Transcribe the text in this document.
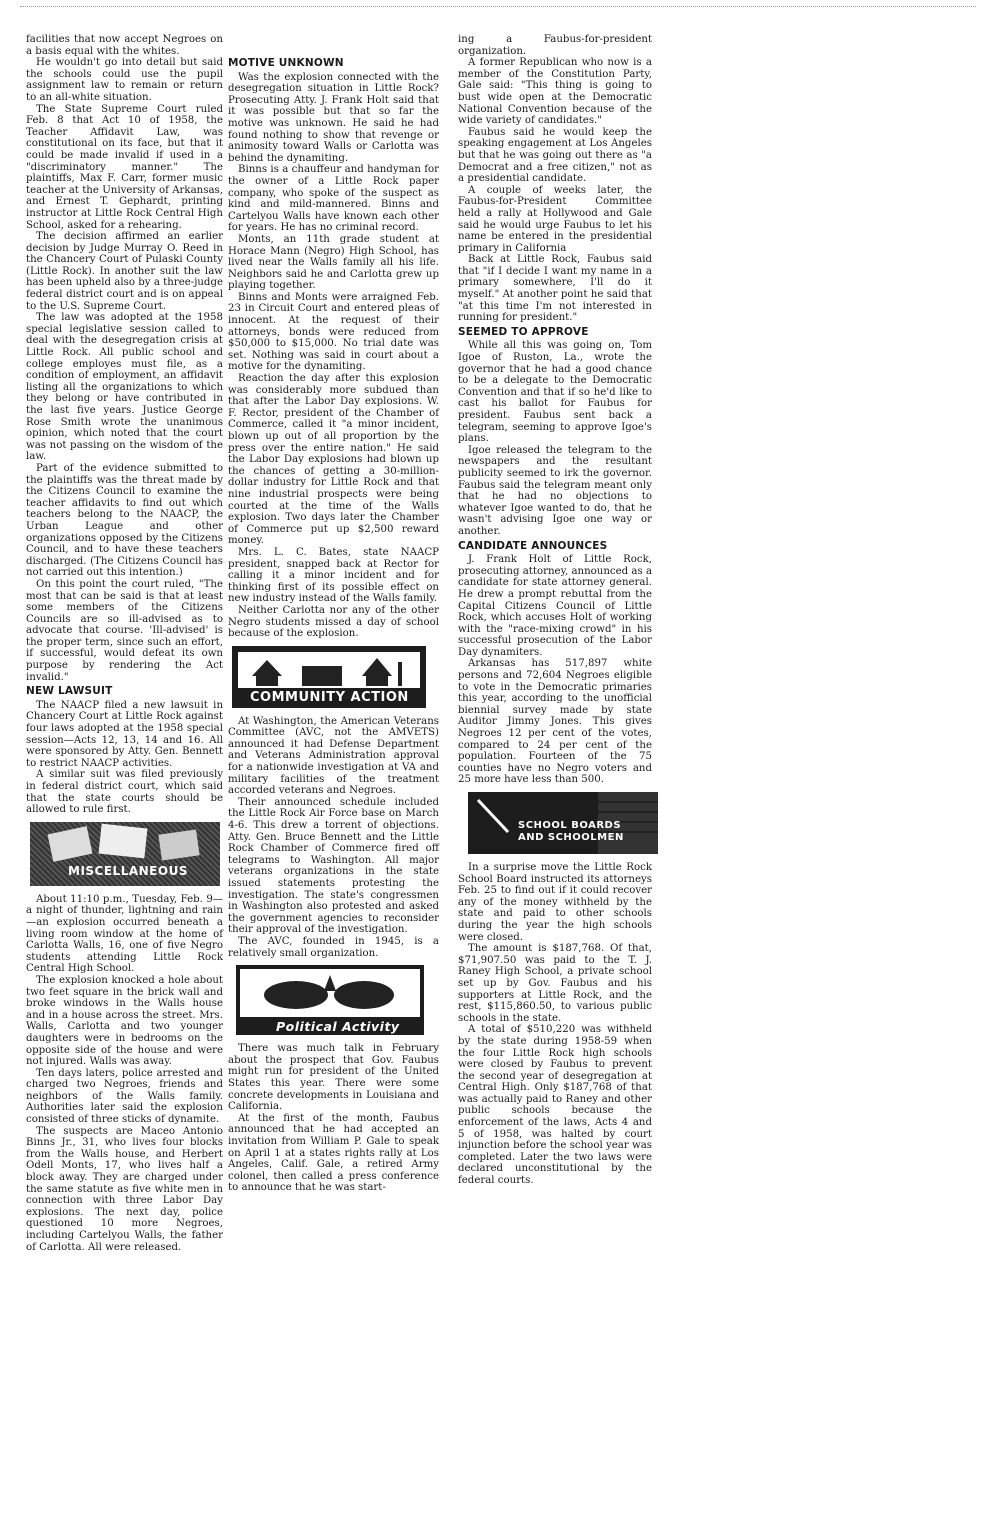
facilities that now accept Negroes on a basis equal with the whites.

He wouldn't go into detail but said the schools could use the pupil assignment law to remain or return to an all-white situation.

The State Supreme Court ruled Feb. 8 that Act 10 of 1958, the Teacher Affidavit Law, was constitutional on its face, but that it could be made invalid if used in a "discriminatory manner." The plaintiffs, Max F. Carr, former music teacher at the University of Arkansas, and Ernest T. Gephardt, printing instructor at Little Rock Central High School, asked for a rehearing.

The decision affirmed an earlier decision by Judge Murray O. Reed in the Chancery Court of Pulaski County (Little Rock). In another suit the law has been upheld also by a three-judge federal district court and is on appeal to the U.S. Supreme Court.

The law was adopted at the 1958 special legislative session called to deal with the desegregation crisis at Little Rock. All public school and college employes must file, as a condition of employment, an affidavit listing all the organizations to which they belong or have contributed in the last five years. Justice George Rose Smith wrote the unanimous opinion, which noted that the court was not passing on the wisdom of the law.

Part of the evidence submitted to the plaintiffs was the threat made by the Citizens Council to examine the teacher affidavits to find out which teachers belong to the NAACP, the Urban League and other organizations opposed by the Citizens Council, and to have these teachers discharged. (The Citizens Council has not carried out this intention.)

On this point the court ruled, "The most that can be said is that at least some members of the Citizens Councils are so ill-advised as to advocate that course. 'Ill-advised' is the proper term, since such an effort, if successful, would defeat its own purpose by rendering the Act invalid."

NEW LAWSUIT

The NAACP filed a new lawsuit in Chancery Court at Little Rock against four laws adopted at the 1958 special session—Acts 12, 13, 14 and 16. All were sponsored by Atty. Gen. Bennett to restrict NAACP activities.

A similar suit was filed previously in federal district court, which said that the state courts should be allowed to rule first.

MISCELLANEOUS

About 11:10 p.m., Tuesday, Feb. 9—a night of thunder, lightning and rain—an explosion occurred beneath a living room window at the home of Carlotta Walls, 16, one of five Negro students attending Little Rock Central High School.

The explosion knocked a hole about two feet square in the brick wall and broke windows in the Walls house and in a house across the street. Mrs. Walls, Carlotta and two younger daughters were in bedrooms on the opposite side of the house and were not injured. Walls was away.

Ten days laters, police arrested and charged two Negroes, friends and neighbors of the Walls family. Authorities later said the explosion consisted of three sticks of dynamite.

The suspects are Maceo Antonio Binns Jr., 31, who lives four blocks from the Walls house, and Herbert Odell Monts, 17, who lives half a block away. They are charged under the same statute as five white men in connection with three Labor Day explosions. The next day, police questioned 10 more Negroes, including Cartelyou Walls, the father of Carlotta. All were released.

MOTIVE UNKNOWN

Was the explosion connected with the desegregation situation in Little Rock? Prosecuting Atty. J. Frank Holt said that it was possible but that so far the motive was unknown. He said he had found nothing to show that revenge or animosity toward Walls or Carlotta was behind the dynamiting.

Binns is a chauffeur and handyman for the owner of a Little Rock paper company, who spoke of the suspect as kind and mild-mannered. Binns and Cartelyou Walls have known each other for years. He has no criminal record.

Monts, an 11th grade student at Horace Mann (Negro) High School, has lived near the Walls family all his life. Neighbors said he and Carlotta grew up playing together.

Binns and Monts were arraigned Feb. 23 in Circuit Court and entered pleas of innocent. At the request of their attorneys, bonds were reduced from $50,000 to $15,000. No trial date was set. Nothing was said in court about a motive for the dynamiting.

Reaction the day after this explosion was considerably more subdued than that after the Labor Day explosions. W. F. Rector, president of the Chamber of Commerce, called it "a minor incident, blown up out of all proportion by the press over the entire nation." He said the Labor Day explosions had blown up the chances of getting a 30-million-dollar industry for Little Rock and that nine industrial prospects were being courted at the time of the Walls explosion. Two days later the Chamber of Commerce put up $2,500 reward money.

Mrs. L. C. Bates, state NAACP president, snapped back at Rector for calling it a minor incident and for thinking first of its possible effect on new industry instead of the Walls family.

Neither Carlotta nor any of the other Negro students missed a day of school because of the explosion.

COMMUNITY ACTION

At Washington, the American Veterans Committee (AVC, not the AMVETS) announced it had Defense Department and Veterans Administration approval for a nationwide investigation at VA and military facilities of the treatment accorded veterans and Negroes.

Their announced schedule included the Little Rock Air Force base on March 4-6. This drew a torrent of objections. Atty. Gen. Bruce Bennett and the Little Rock Chamber of Commerce fired off telegrams to Washington. All major veterans organizations in the state issued statements protesting the investigation. The state's congressmen in Washington also protested and asked the government agencies to reconsider their approval of the investigation.

The AVC, founded in 1945, is a relatively small organization.

Political Activity

There was much talk in February about the prospect that Gov. Faubus might run for president of the United States this year. There were some concrete developments in Louisiana and California.

At the first of the month, Faubus announced that he had accepted an invitation from William P. Gale to speak on April 1 at a states rights rally at Los Angeles, Calif. Gale, a retired Army colonel, then called a press conference to announce that he was start-

ing a Faubus-for-president organization.

A former Republican who now is a member of the Constitution Party, Gale said: "This thing is going to bust wide open at the Democratic National Convention because of the wide variety of candidates."

Faubus said he would keep the speaking engagement at Los Angeles but that he was going out there as "a Democrat and a free citizen," not as a presidential candidate.

A couple of weeks later, the Faubus-for-President Committee held a rally at Hollywood and Gale said he would urge Faubus to let his name be entered in the presidential primary in California

Back at Little Rock, Faubus said that "if I decide I want my name in a primary somewhere, I'll do it myself." At another point he said that "at this time I'm not interested in running for president."

SEEMED TO APPROVE

While all this was going on, Tom Igoe of Ruston, La., wrote the governor that he had a good chance to be a delegate to the Democratic Convention and that if so he'd like to cast his ballot for Faubus for president. Faubus sent back a telegram, seeming to approve Igoe's plans.

Igoe released the telegram to the newspapers and the resultant publicity seemed to irk the governor. Faubus said the telegram meant only that he had no objections to whatever Igoe wanted to do, that he wasn't advising Igoe one way or another.

CANDIDATE ANNOUNCES

J. Frank Holt of Little Rock, prosecuting attorney, announced as a candidate for state attorney general. He drew a prompt rebuttal from the Capital Citizens Council of Little Rock, which accuses Holt of working with the "race-mixing crowd" in his successful prosecution of the Labor Day dynamiters.

Arkansas has 517,897 white persons and 72,604 Negroes eligible to vote in the Democratic primaries this year, according to the unofficial biennial survey made by state Auditor Jimmy Jones. This gives Negroes 12 per cent of the votes, compared to 24 per cent of the population. Fourteen of the 75 counties have no Negro voters and 25 more have less than 500.

SCHOOL BOARDS
AND SCHOOLMEN

In a surprise move the Little Rock School Board instructed its attorneys Feb. 25 to find out if it could recover any of the money withheld by the state and paid to other schools during the year the high schools were closed.

The amount is $187,768. Of that, $71,907.50 was paid to the T. J. Raney High School, a private school set up by Gov. Faubus and his supporters at Little Rock, and the rest, $115,860.50, to various public schools in the state.

A total of $510,220 was withheld by the state during 1958-59 when the four Little Rock high schools were closed by Faubus to prevent the second year of desegregation at Central High. Only $187,768 of that was actually paid to Raney and other public schools because the enforcement of the laws, Acts 4 and 5 of 1958, was halted by court injunction before the school year was completed. Later the two laws were declared unconstitutional by the federal courts.
